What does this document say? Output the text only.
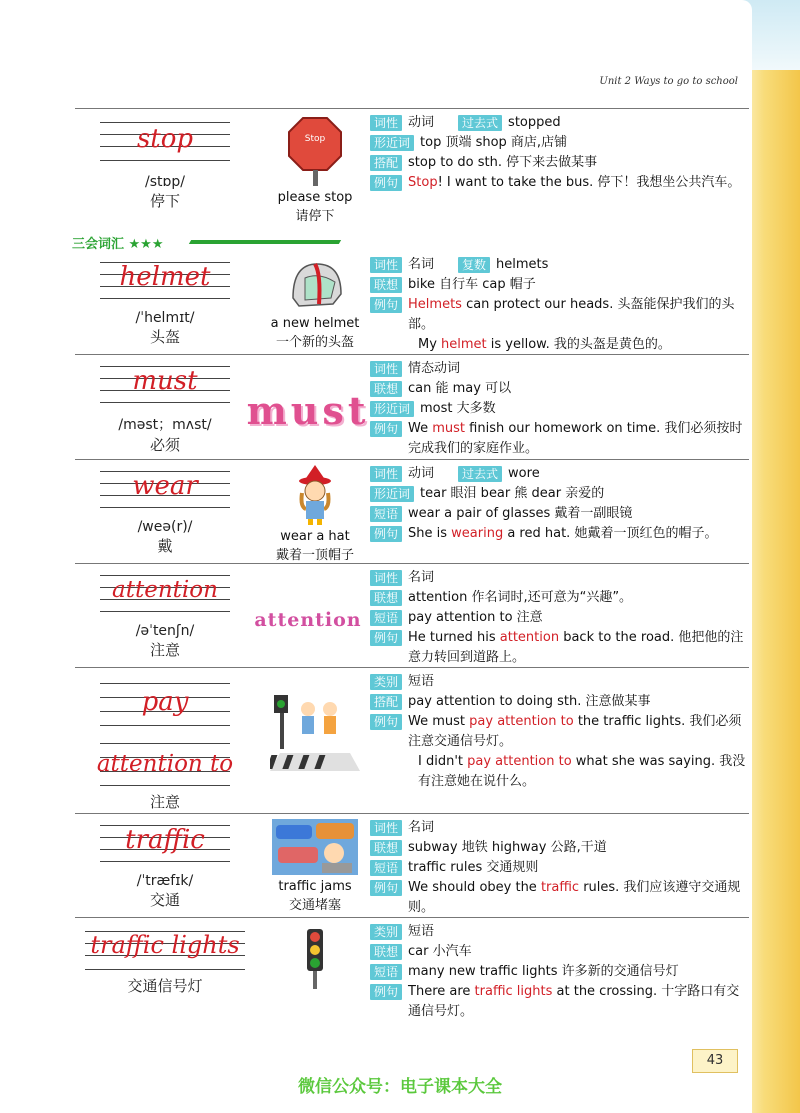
Unit 2 Ways to go to school
stop
/stɒp/
停下
Stop
please stop
请停下
词性 动词	过去式 stopped
形近词 top 顶端 shop 商店,店铺
搭配 stop to do sth. 停下来去做某事
例句 Stop! I want to take the bus. 停下！我想坐公共汽车。
三会词汇 ★★★
helmet
/ˈhelmɪt/
头盔
a new helmet
一个新的头盔
词性 名词	复数 helmets
联想 bike 自行车 cap 帽子
例句 Helmets can protect our heads. 头盔能保护我们的头部。
My helmet is yellow. 我的头盔是黄色的。
must
/məst；mʌst/
必须
must
词性 情态动词
联想 can 能 may 可以
形近词 most 大多数
例句 We must finish our homework on time. 我们必须按时完成我们的家庭作业。
wear
/weə(r)/
戴
wear a hat
戴着一顶帽子
词性 动词	过去式 wore
形近词 tear 眼泪 bear 熊 dear 亲爱的
短语 wear a pair of glasses 戴着一副眼镜
例句 She is wearing a red hat. 她戴着一顶红色的帽子。
attention
/əˈtenʃn/
注意
attention
词性 名词
联想 attention 作名词时,还可意为“兴趣”。
短语 pay attention to 注意
例句 He turned his attention back to the road. 他把他的注意力转回到道路上。
pay
attention to
注意
类别 短语
搭配 pay attention to doing sth. 注意做某事
例句 We must pay attention to the traffic lights. 我们必须注意交通信号灯。
I didn't pay attention to what she was saying. 我没有注意她在说什么。
traffic
/ˈtræfɪk/
交通
traffic jams
交通堵塞
词性 名词
联想 subway 地铁 highway 公路,干道
短语 traffic rules 交通规则
例句 We should obey the traffic rules. 我们应该遵守交通规则。
traffic lights
交通信号灯
类别 短语
联想 car 小汽车
短语 many new traffic lights 许多新的交通信号灯
例句 There are traffic lights at the crossing. 十字路口有交通信号灯。
43
微信公众号：电子课本大全
